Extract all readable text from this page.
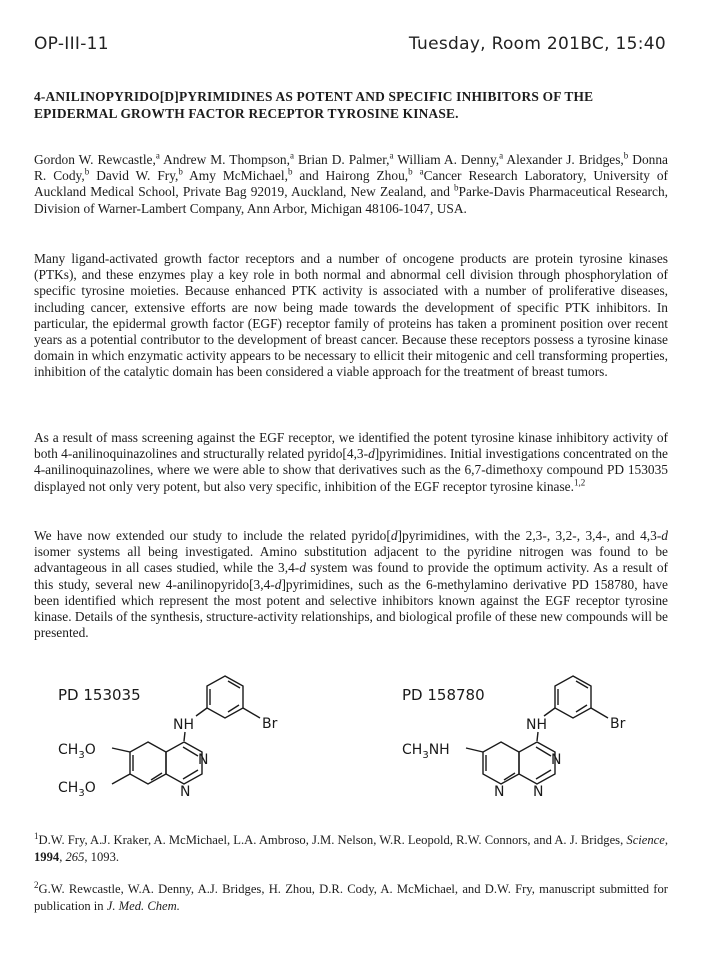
OP-III-11	Tuesday, Room 201BC, 15:40
4-ANILINOPYRIDO[D]PYRIMIDINES AS POTENT AND SPECIFIC INHIBITORS OF THE EPIDERMAL GROWTH FACTOR RECEPTOR TYROSINE KINASE.
Gordon W. Rewcastle,$^a$ Andrew M. Thompson,$^a$ Brian D. Palmer,$^a$ William A. Denny,$^a$ Alexander J. Bridges,$^b$ Donna R. Cody,$^b$ David W. Fry,$^b$ Amy McMichael,$^b$ and Hairong Zhou,$^b$ $^a$Cancer Research Laboratory, University of Auckland Medical School, Private Bag 92019, Auckland, New Zealand, and $^b$Parke-Davis Pharmaceutical Research, Division of Warner-Lambert Company, Ann Arbor, Michigan 48106-1047, USA.
Many ligand-activated growth factor receptors and a number of oncogene products are protein tyrosine kinases (PTKs), and these enzymes play a key role in both normal and abnormal cell division through phosphorylation of specific tyrosine moieties. Because enhanced PTK activity is associated with a number of proliferative diseases, including cancer, extensive efforts are now being made towards the development of specific PTK inhibitors. In particular, the epidermal growth factor (EGF) receptor family of proteins has taken a prominent position over recent years as a potential contributor to the development of breast cancer. Because these receptors possess a tyrosine kinase domain in which enzymatic activity appears to be necessary to ellicit their mitogenic and cell transforming properties, inhibition of the catalytic domain has been considered a viable approach for the treatment of breast tumors.
As a result of mass screening against the EGF receptor, we identified the potent tyrosine kinase inhibitory activity of both 4-anilinoquinazolines and structurally related pyrido[4,3-d]pyrimidines. Initial investigations concentrated on the 4-anilinoquinazolines, where we were able to show that derivatives such as the 6,7-dimethoxy compound PD 153035 displayed not only very potent, but also very specific, inhibition of the EGF receptor tyrosine kinase.$^{1,2}$
We have now extended our study to include the related pyrido[d]pyrimidines, with the 2,3-, 3,2-, 3,4-, and 4,3-d isomer systems all being investigated. Amino substitution adjacent to the pyridine nitrogen was found to be advantageous in all cases studied, while the 3,4-d system was found to provide the optimum activity. As a result of this study, several new 4-anilinopyrido[3,4-d]pyrimidines, such as the 6-methylamino derivative PD 158780, have been identified which represent the most potent and selective inhibitors known against the EGF receptor tyrosine kinase. Details of the synthesis, structure-activity relationships, and biological profile of these new compounds will be presented.
PD 153035
Br
NH
N
N
$CH_3O$
$CH_3O$
PD 158780
Br
NH
N
N
N
$CH_3NH$
$^1$D.W. Fry, A.J. Kraker, A. McMichael, L.A. Ambroso, J.M. Nelson, W.R. Leopold, R.W. Connors, and A. J. Bridges, Science, 1994, 265, 1093.
$^2$G.W. Rewcastle, W.A. Denny, A.J. Bridges, H. Zhou, D.R. Cody, A. McMichael, and D.W. Fry, manuscript submitted for publication in J. Med. Chem.
